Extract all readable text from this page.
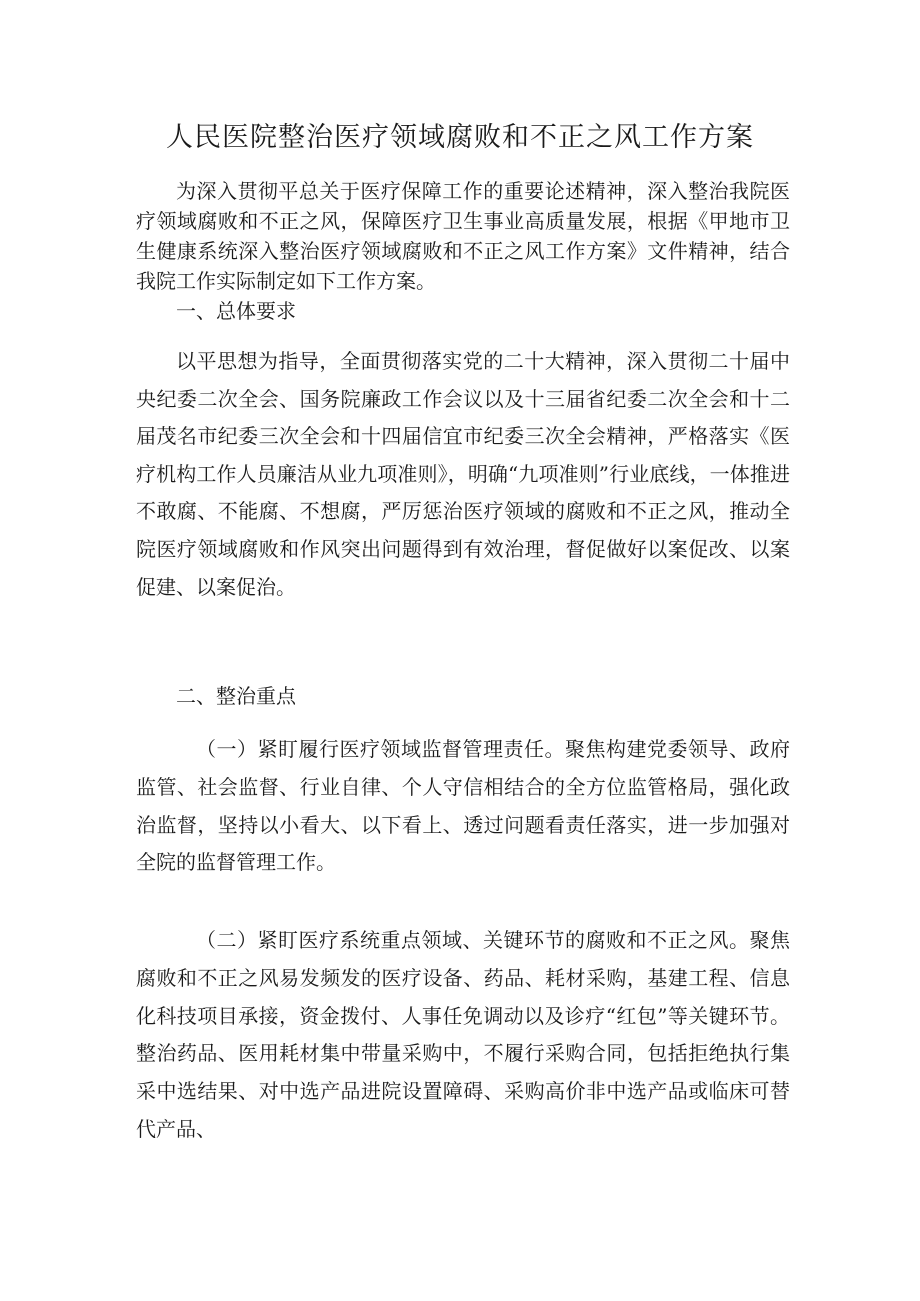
人民医院整治医疗领域腐败和不正之风工作方案

为深入贯彻平总关于医疗保障工作的重要论述精神，深入整治我院医疗领域腐败和不正之风，保障医疗卫生事业高质量发展，根据《甲地市卫生健康系统深入整治医疗领域腐败和不正之风工作方案》文件精神，结合我院工作实际制定如下工作方案。

一、总体要求

以平思想为指导，全面贯彻落实党的二十大精神，深入贯彻二十届中央纪委二次全会、国务院廉政工作会议以及十三届省纪委二次全会和十二届茂名市纪委三次全会和十四届信宜市纪委三次全会精神，严格落实《医疗机构工作人员廉洁从业九项准则》，明确“九项准则”行业底线，一体推进不敢腐、不能腐、不想腐，严厉惩治医疗领域的腐败和不正之风，推动全院医疗领域腐败和作风突出问题得到有效治理，督促做好以案促改、以案促建、以案促治。

二、整治重点

（一）紧盯履行医疗领域监督管理责任。聚焦构建党委领导、政府监管、社会监督、行业自律、个人守信相结合的全方位监管格局，强化政治监督，坚持以小看大、以下看上、透过问题看责任落实，进一步加强对全院的监督管理工作。

（二）紧盯医疗系统重点领域、关键环节的腐败和不正之风。聚焦腐败和不正之风易发频发的医疗设备、药品、耗材采购，基建工程、信息化科技项目承接，资金拨付、人事任免调动以及诊疗“红包”等关键环节。整治药品、医用耗材集中带量采购中，不履行采购合同，包括拒绝执行集采中选结果、对中选产品进院设置障碍、采购高价非中选产品或临床可替代产品、
